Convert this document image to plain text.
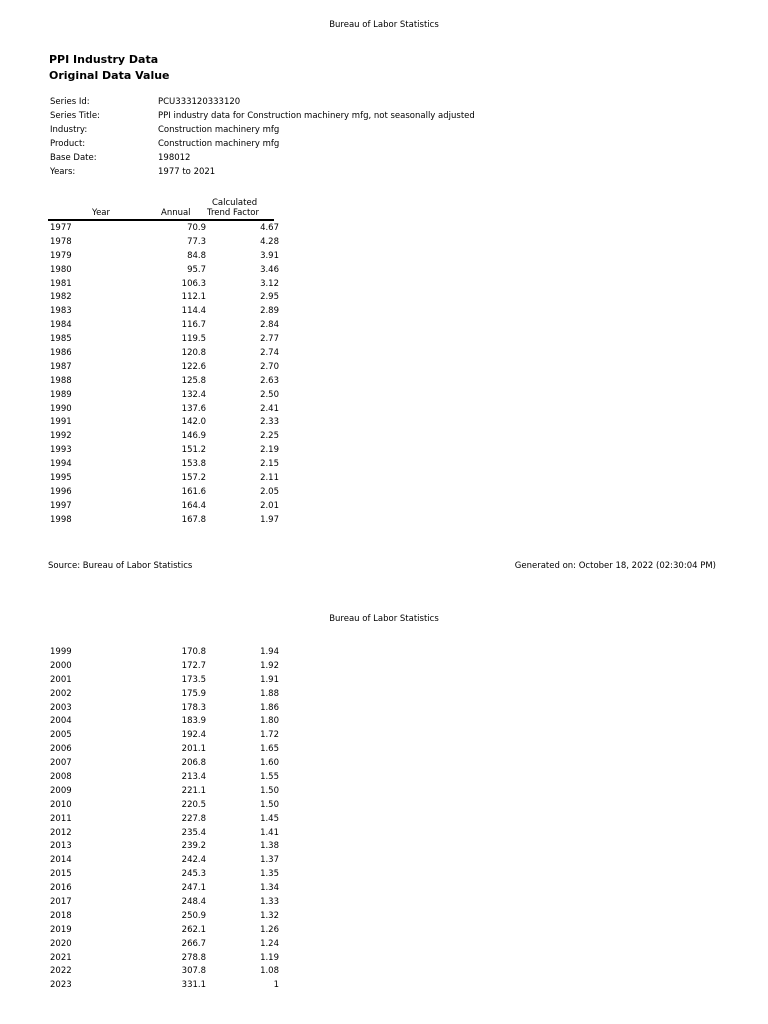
Bureau of Labor Statistics
PPI Industry Data
Original Data Value
Series Id:	PCU333120333120
Series Title:	PPI industry data for Construction machinery mfg, not seasonally adjusted
Industry:	Construction machinery mfg
Product:	Construction machinery mfg
Base Date:	198012
Years:	1977 to 2021
Year	Annual
Calculated
Trend Factor
1977	70.9	4.67
1978	77.3	4.28
1979	84.8	3.91
1980	95.7	3.46
1981	106.3	3.12
1982	112.1	2.95
1983	114.4	2.89
1984	116.7	2.84
1985	119.5	2.77
1986	120.8	2.74
1987	122.6	2.70
1988	125.8	2.63
1989	132.4	2.50
1990	137.6	2.41
1991	142.0	2.33
1992	146.9	2.25
1993	151.2	2.19
1994	153.8	2.15
1995	157.2	2.11
1996	161.6	2.05
1997	164.4	2.01
1998	167.8	1.97
Source: Bureau of Labor Statistics	Generated on: October 18, 2022 (02:30:04 PM)
Bureau of Labor Statistics
1999	170.8	1.94
2000	172.7	1.92
2001	173.5	1.91
2002	175.9	1.88
2003	178.3	1.86
2004	183.9	1.80
2005	192.4	1.72
2006	201.1	1.65
2007	206.8	1.60
2008	213.4	1.55
2009	221.1	1.50
2010	220.5	1.50
2011	227.8	1.45
2012	235.4	1.41
2013	239.2	1.38
2014	242.4	1.37
2015	245.3	1.35
2016	247.1	1.34
2017	248.4	1.33
2018	250.9	1.32
2019	262.1	1.26
2020	266.7	1.24
2021	278.8	1.19
2022	307.8	1.08
2023	331.1	1
